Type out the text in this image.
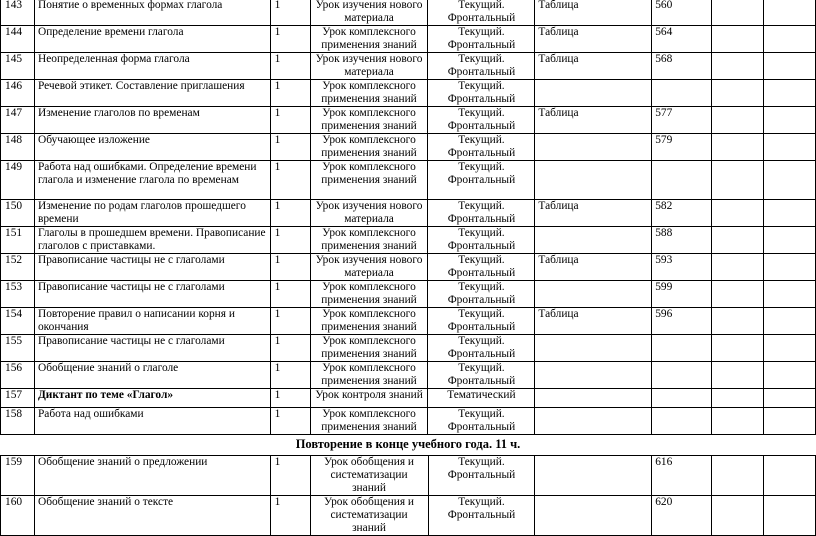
143	Понятие о временных формах глагола	1	Урок изучения нового материала	Текущий. Фронтальный	Таблица	560		
144	Определение времени глагола	1	Урок комплексного применения знаний	Текущий. Фронтальный	Таблица	564		
145	Неопределенная форма глагола	1	Урок изучения нового материала	Текущий. Фронтальный	Таблица	568		
146	Речевой этикет. Составление приглашения	1	Урок комплексного применения знаний	Текущий. Фронтальный				
147	Изменение глаголов по временам	1	Урок комплексного применения знаний	Текущий. Фронтальный	Таблица	577		
148	Обучающее изложение	1	Урок комплексного применения знаний	Текущий. Фронтальный		579		
149	Работа над ошибками. Определение времени глагола и изменение глагола по временам	1	Урок комплексного применения знаний	Текущий. Фронтальный				
150	Изменение по родам глаголов прошедшего времени	1	Урок изучения нового материала	Текущий. Фронтальный	Таблица	582		
151	Глаголы в прошедшем времени. Правописание глаголов с приставками.	1	Урок комплексного применения знаний	Текущий. Фронтальный		588		
152	Правописание частицы не с глаголами	1	Урок изучения нового материала	Текущий. Фронтальный	Таблица	593		
153	Правописание частицы не с глаголами	1	Урок комплексного применения знаний	Текущий. Фронтальный		599		
154	Повторение правил о написании корня и окончания	1	Урок комплексного применения знаний	Текущий. Фронтальный	Таблица	596		
155	Правописание частицы не с глаголами	1	Урок комплексного применения знаний	Текущий. Фронтальный				
156	Обобщение знаний о глаголе	1	Урок комплексного применения знаний	Текущий. Фронтальный				
157	Диктант по теме «Глагол»	1	Урок контроля знаний	Тематический				
158	Работа над ошибками	1	Урок комплексного применения знаний	Текущий. Фронтальный				
Повторение в конце учебного года. 11 ч.
159	Обобщение знаний о предложении	1	Урок обобщения и систематизации знаний	Текущий. Фронтальный		616		
160	Обобщение знаний о тексте	1	Урок обобщения и систематизации знаний	Текущий. Фронтальный		620		
